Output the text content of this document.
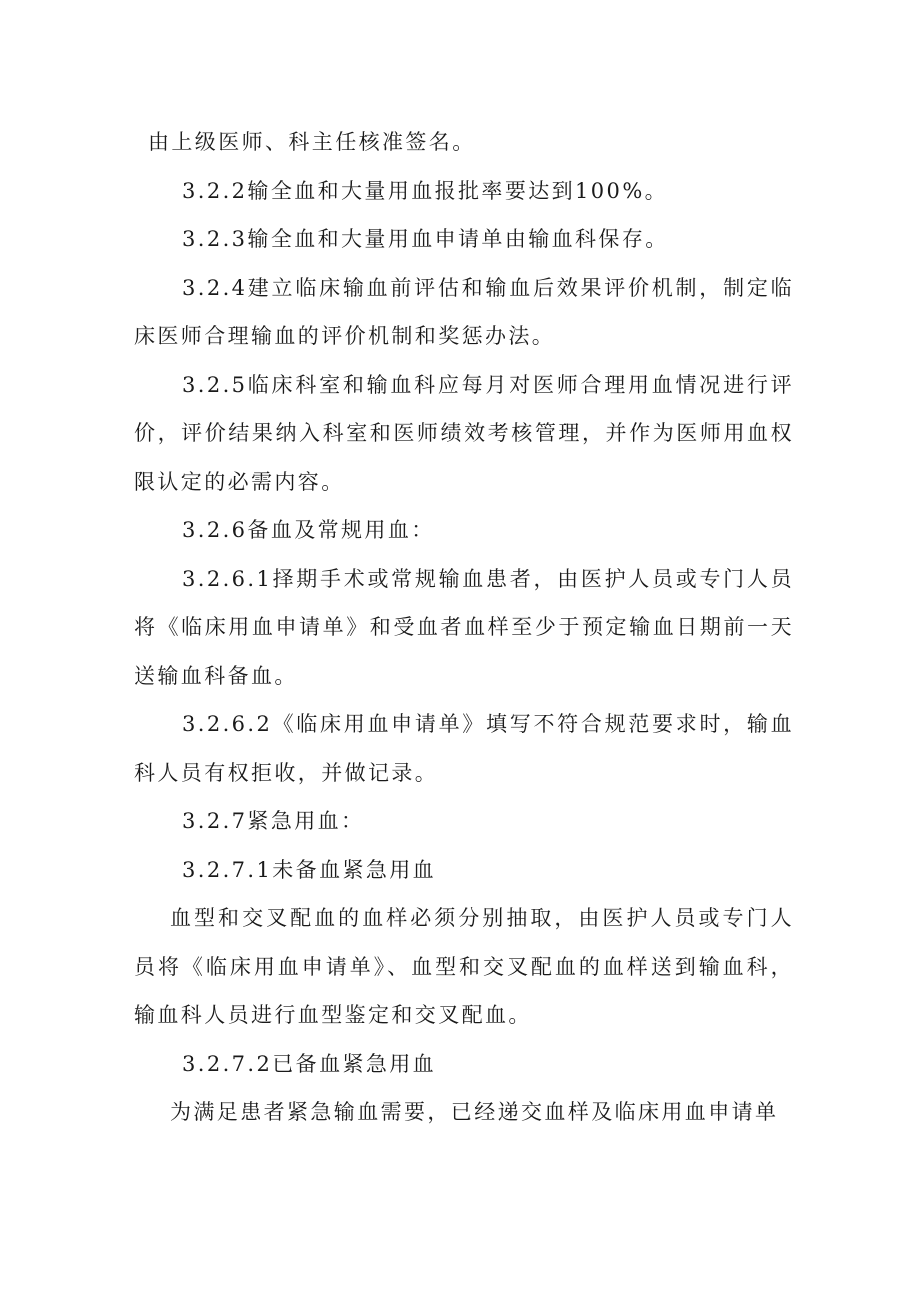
由上级医师、科主任核准签名。

3.2.2输全血和大量用血报批率要达到100%。

3.2.3输全血和大量用血申请单由输血科保存。

3.2.4建立临床输血前评估和输血后效果评价机制，制定临床医师合理输血的评价机制和奖惩办法。

3.2.5临床科室和输血科应每月对医师合理用血情况进行评价，评价结果纳入科室和医师绩效考核管理，并作为医师用血权限认定的必需内容。

3.2.6备血及常规用血：

3.2.6.1择期手术或常规输血患者，由医护人员或专门人员将《临床用血申请单》和受血者血样至少于预定输血日期前一天送输血科备血。

3.2.6.2《临床用血申请单》填写不符合规范要求时，输血科人员有权拒收，并做记录。

3.2.7紧急用血：

3.2.7.1未备血紧急用血

血型和交叉配血的血样必须分别抽取，由医护人员或专门人员将《临床用血申请单》、血型和交叉配血的血样送到输血科，输血科人员进行血型鉴定和交叉配血。

3.2.7.2已备血紧急用血

为满足患者紧急输血需要，已经递交血样及临床用血申请单
